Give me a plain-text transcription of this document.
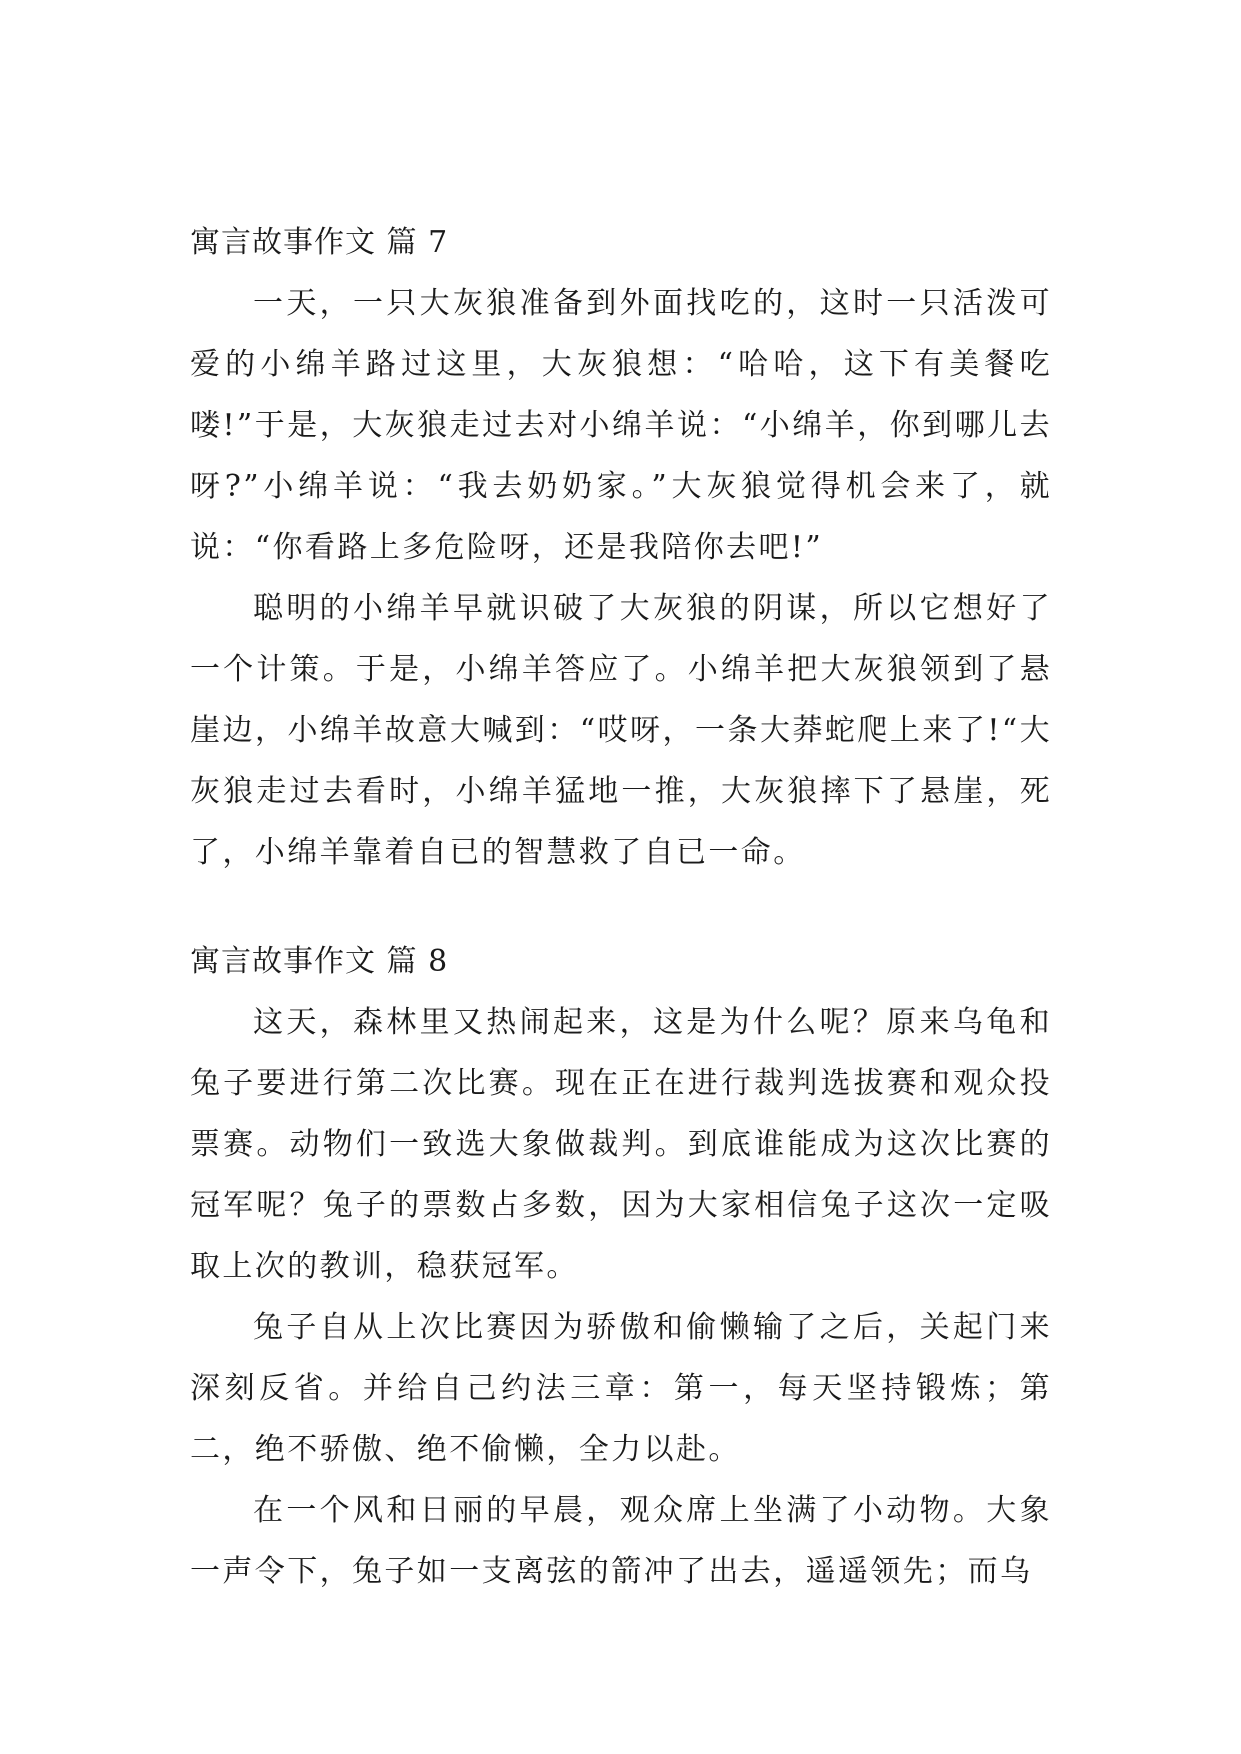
寓言故事作文 篇 7

一天，一只大灰狼准备到外面找吃的，这时一只活泼可爱的小绵羊路过这里，大灰狼想：“哈哈，这下有美餐吃喽!”于是，大灰狼走过去对小绵羊说：“小绵羊，你到哪儿去呀?”小绵羊说：“我去奶奶家。”大灰狼觉得机会来了，就说：“你看路上多危险呀，还是我陪你去吧!”

聪明的小绵羊早就识破了大灰狼的阴谋，所以它想好了一个计策。于是，小绵羊答应了。小绵羊把大灰狼领到了悬崖边，小绵羊故意大喊到：“哎呀，一条大莽蛇爬上来了!“大灰狼走过去看时，小绵羊猛地一推，大灰狼摔下了悬崖，死了，小绵羊靠着自已的智慧救了自已一命。

寓言故事作文 篇 8

这天，森林里又热闹起来，这是为什么呢？原来乌龟和兔子要进行第二次比赛。现在正在进行裁判选拔赛和观众投票赛。动物们一致选大象做裁判。到底谁能成为这次比赛的冠军呢？兔子的票数占多数，因为大家相信兔子这次一定吸取上次的教训，稳获冠军。

兔子自从上次比赛因为骄傲和偷懒输了之后，关起门来深刻反省。并给自己约法三章：第一，每天坚持锻炼；第二，绝不骄傲、绝不偷懒，全力以赴。

在一个风和日丽的早晨，观众席上坐满了小动物。大象一声令下，兔子如一支离弦的箭冲了出去，遥遥领先；而乌
